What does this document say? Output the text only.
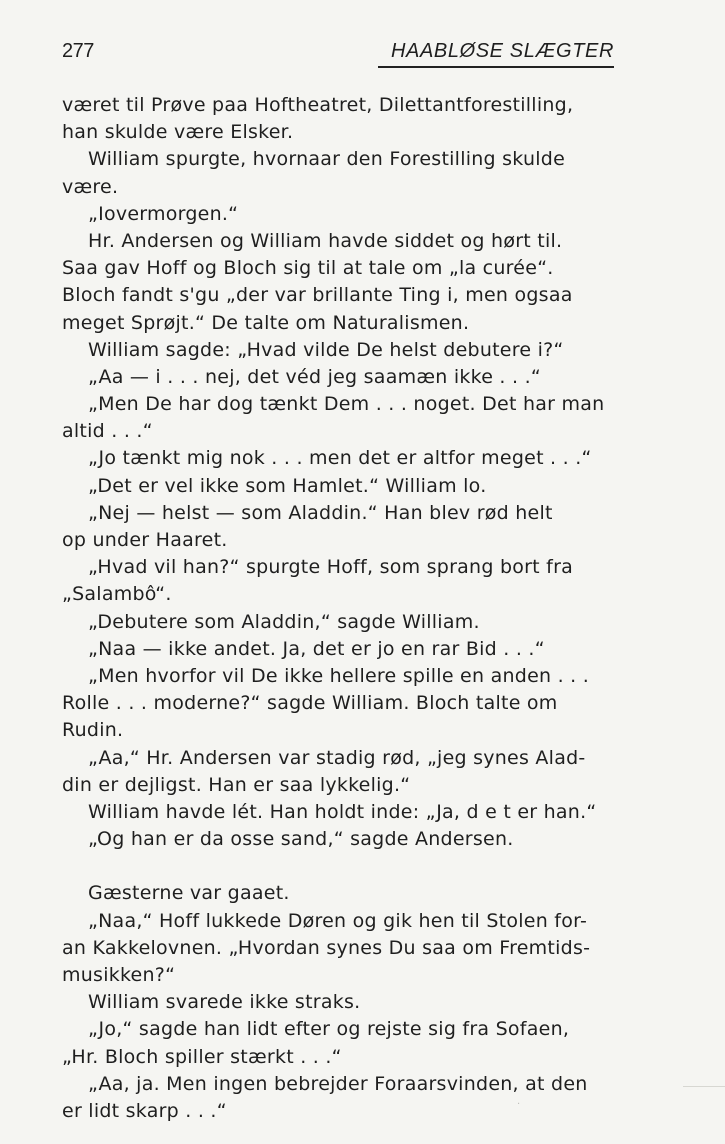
277	HAABLØSE SLÆGTER
været til Prøve paa Hoftheatret, Dilettantforestilling,
han skulde være Elsker.
William spurgte, hvornaar den Forestilling skulde
være.
„Iovermorgen.“
Hr. Andersen og William havde siddet og hørt til.
Saa gav Hoff og Bloch sig til at tale om „la curée“.
Bloch fandt s'gu „der var brillante Ting i, men ogsaa
meget Sprøjt.“ De talte om Naturalismen.
William sagde: „Hvad vilde De helst debutere i?“
„Aa — i . . . nej, det véd jeg saamæn ikke . . .“
„Men De har dog tænkt Dem . . . noget. Det har man
altid . . .“
„Jo tænkt mig nok . . . men det er altfor meget . . .“
„Det er vel ikke som Hamlet.“ William lo.
„Nej — helst — som Aladdin.“ Han blev rød helt
op under Haaret.
„Hvad vil han?“ spurgte Hoff, som sprang bort fra
„Salambô“.
„Debutere som Aladdin,“ sagde William.
„Naa — ikke andet. Ja, det er jo en rar Bid . . .“
„Men hvorfor vil De ikke hellere spille en anden . . .
Rolle . . . moderne?“ sagde William. Bloch talte om
Rudin.
„Aa,“ Hr. Andersen var stadig rød, „jeg synes Alad-
din er dejligst. Han er saa lykkelig.“
William havde lét. Han holdt inde: „Ja, d e t er han.“
„Og han er da osse sand,“ sagde Andersen.
Gæsterne var gaaet.
„Naa,“ Hoff lukkede Døren og gik hen til Stolen for-
an Kakkelovnen. „Hvordan synes Du saa om Fremtids-
musikken?“
William svarede ikke straks.
„Jo,“ sagde han lidt efter og rejste sig fra Sofaen,
„Hr. Bloch spiller stærkt . . .“
„Aa, ja. Men ingen bebrejder Foraarsvinden, at den
er lidt skarp . . .“	·
